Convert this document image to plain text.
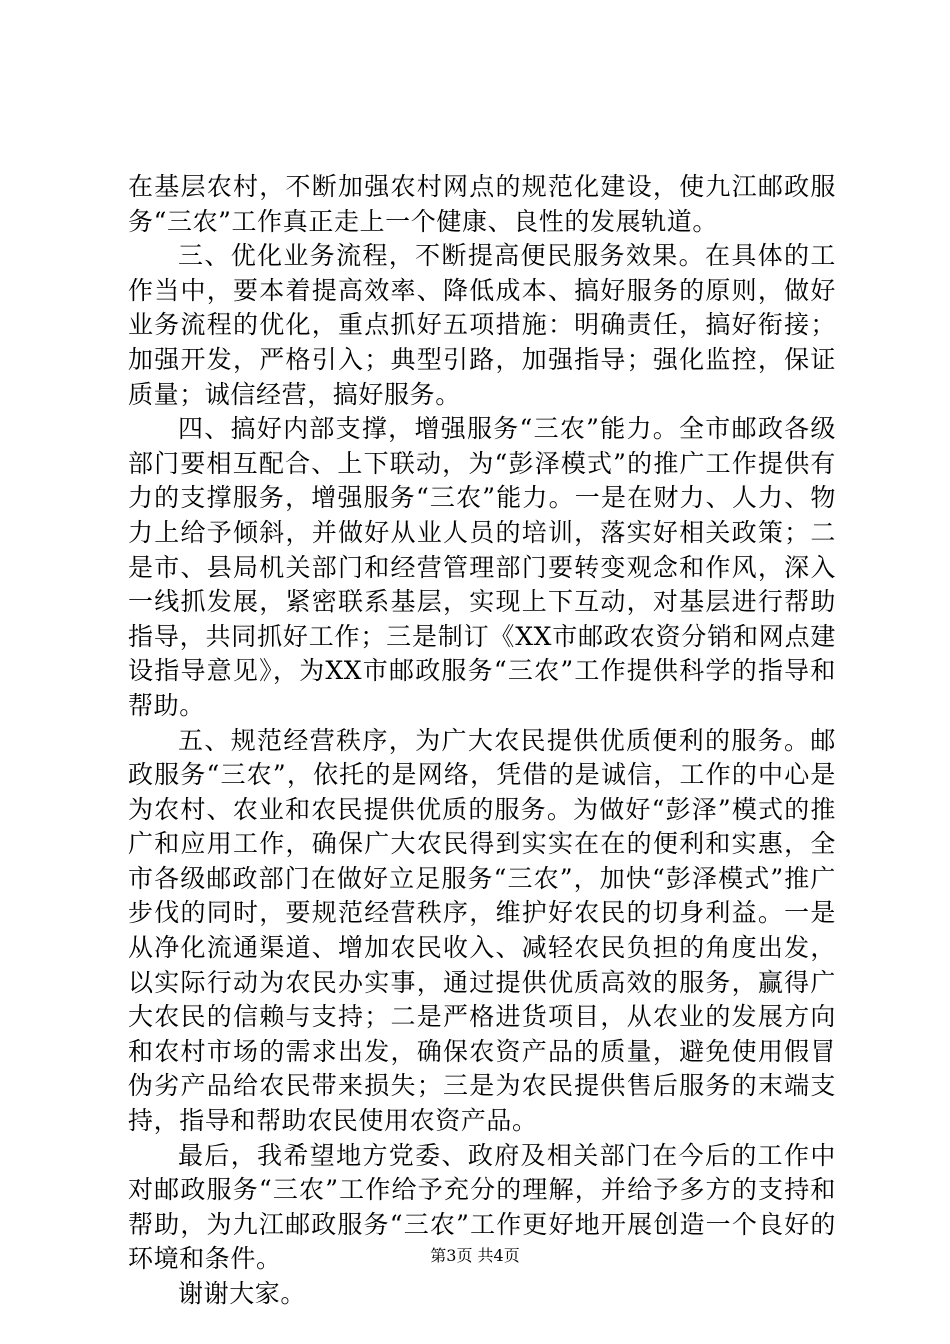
在基层农村，不断加强农村网点的规范化建设，使九江邮政服务“三农”工作真正走上一个健康、良性的发展轨道。

三、优化业务流程，不断提高便民服务效果。在具体的工作当中，要本着提高效率、降低成本、搞好服务的原则，做好业务流程的优化，重点抓好五项措施：明确责任，搞好衔接；加强开发，严格引入；典型引路，加强指导；强化监控，保证质量；诚信经营，搞好服务。

四、搞好内部支撑，增强服务“三农”能力。全市邮政各级部门要相互配合、上下联动，为“彭泽模式”的推广工作提供有力的支撑服务，增强服务“三农”能力。一是在财力、人力、物力上给予倾斜，并做好从业人员的培训，落实好相关政策；二是市、县局机关部门和经营管理部门要转变观念和作风，深入一线抓发展，紧密联系基层，实现上下互动，对基层进行帮助指导，共同抓好工作；三是制订《XX市邮政农资分销和网点建设指导意见》，为XX市邮政服务“三农”工作提供科学的指导和帮助。

五、规范经营秩序，为广大农民提供优质便利的服务。邮政服务“三农”，依托的是网络，凭借的是诚信，工作的中心是为农村、农业和农民提供优质的服务。为做好“彭泽”模式的推广和应用工作，确保广大农民得到实实在在的便利和实惠，全市各级邮政部门在做好立足服务“三农”，加快“彭泽模式”推广步伐的同时，要规范经营秩序，维护好农民的切身利益。一是从净化流通渠道、增加农民收入、减轻农民负担的角度出发，以实际行动为农民办实事，通过提供优质高效的服务，赢得广大农民的信赖与支持；二是严格进货项目，从农业的发展方向和农村市场的需求出发，确保农资产品的质量，避免使用假冒伪劣产品给农民带来损失；三是为农民提供售后服务的末端支持，指导和帮助农民使用农资产品。

最后，我希望地方党委、政府及相关部门在今后的工作中对邮政服务“三农”工作给予充分的理解，并给予多方的支持和帮助，为九江邮政服务“三农”工作更好地开展创造一个良好的环境和条件。

谢谢大家。

第3页 共4页
